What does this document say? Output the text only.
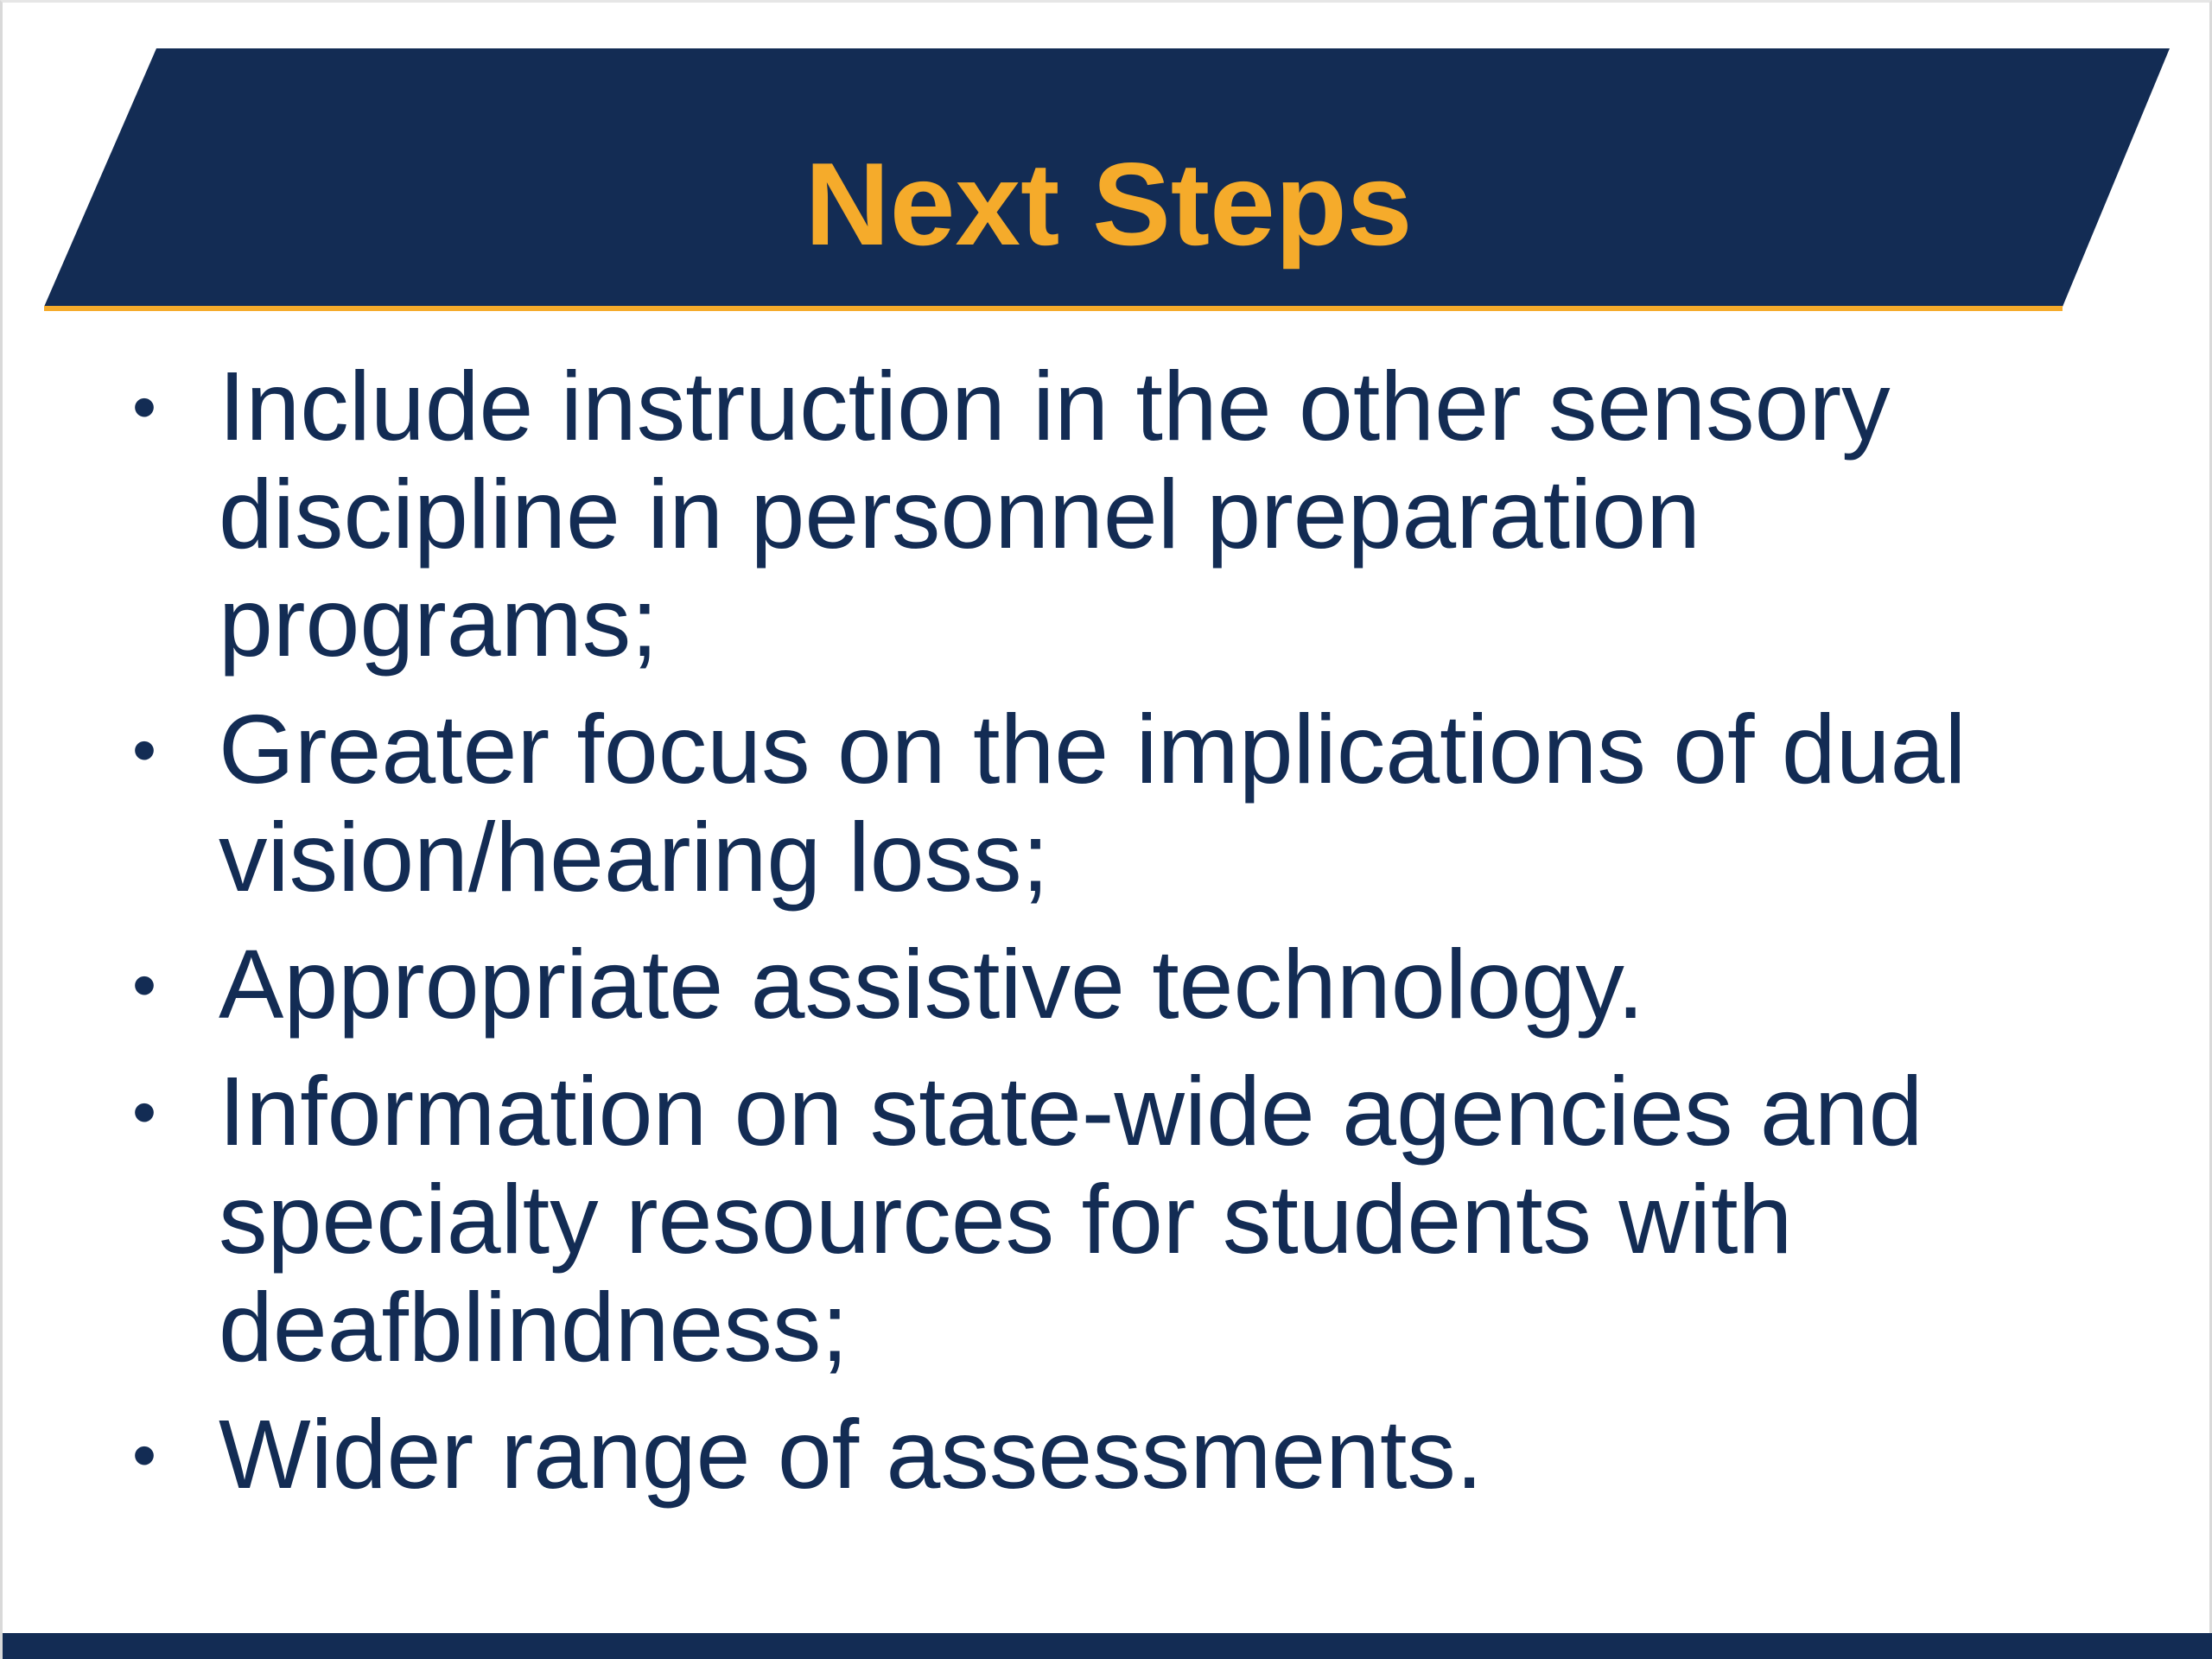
Next Steps
• Include instruction in the other sensory discipline in personnel preparation programs;
• Greater focus on the implications of dual vision/hearing loss;
• Appropriate assistive technology.
• Information on state-wide agencies and specialty resources for students with deafblindness;
• Wider range of assessments.
